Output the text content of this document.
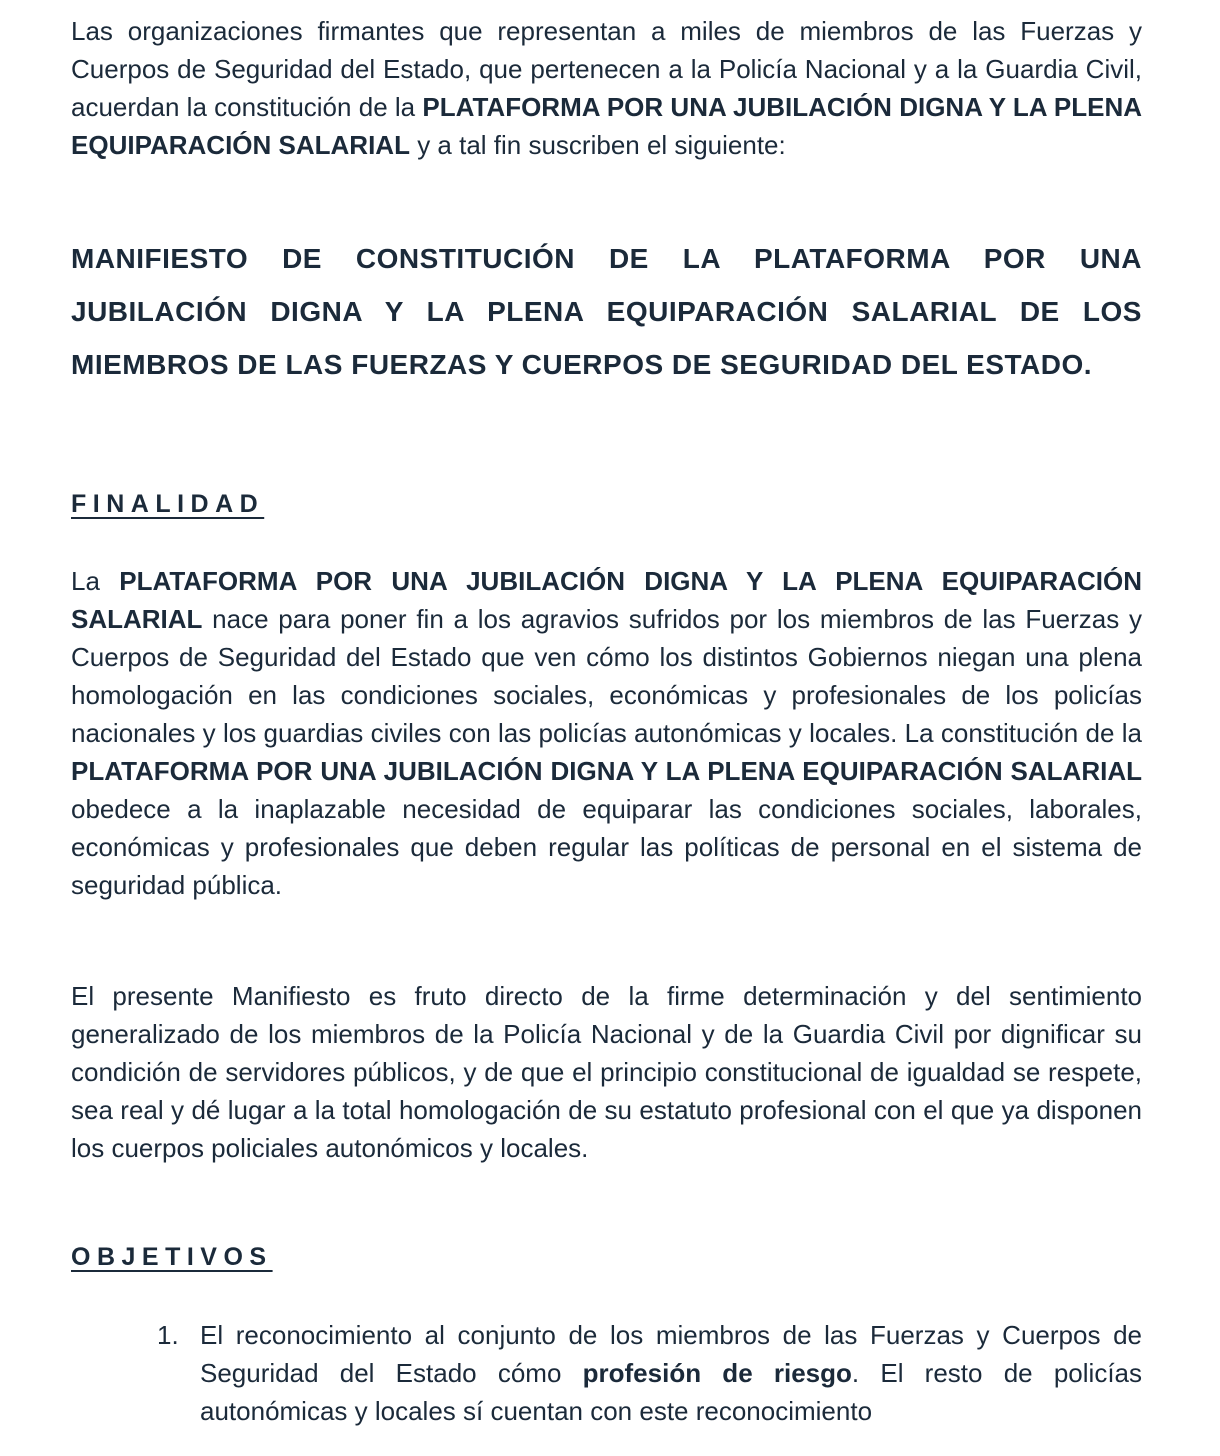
Las organizaciones firmantes que representan a miles de miembros de las Fuerzas y Cuerpos de Seguridad del Estado, que pertenecen a la Policía Nacional y a la Guardia Civil, acuerdan la constitución de la PLATAFORMA POR UNA JUBILACIÓN DIGNA Y LA PLENA EQUIPARACIÓN SALARIAL y a tal fin suscriben el siguiente:

MANIFIESTO DE CONSTITUCIÓN DE LA PLATAFORMA POR UNA JUBILACIÓN DIGNA Y LA PLENA EQUIPARACIÓN SALARIAL DE LOS MIEMBROS DE LAS FUERZAS Y CUERPOS DE SEGURIDAD DEL ESTADO.
FINALIDAD

La PLATAFORMA POR UNA JUBILACIÓN DIGNA Y LA PLENA EQUIPARACIÓN SALARIAL nace para poner fin a los agravios sufridos por los miembros de las Fuerzas y Cuerpos de Seguridad del Estado que ven cómo los distintos Gobiernos niegan una plena homologación en las condiciones sociales, económicas y profesionales de los policías nacionales y los guardias civiles con las policías autonómicas y locales. La constitución de la PLATAFORMA POR UNA JUBILACIÓN DIGNA Y LA PLENA EQUIPARACIÓN SALARIAL obedece a la inaplazable necesidad de equiparar las condiciones sociales, laborales, económicas y profesionales que deben regular las políticas de personal en el sistema de seguridad pública.

El presente Manifiesto es fruto directo de la firme determinación y del sentimiento generalizado de los miembros de la Policía Nacional y de la Guardia Civil por dignificar su condición de servidores públicos, y de que el principio constitucional de igualdad se respete, sea real y dé lugar a la total homologación de su estatuto profesional con el que ya disponen los cuerpos policiales autonómicos y locales.

OBJETIVOS
1. El reconocimiento al conjunto de los miembros de las Fuerzas y Cuerpos de Seguridad del Estado cómo profesión de riesgo. El resto de policías autonómicas y locales sí cuentan con este reconocimiento
